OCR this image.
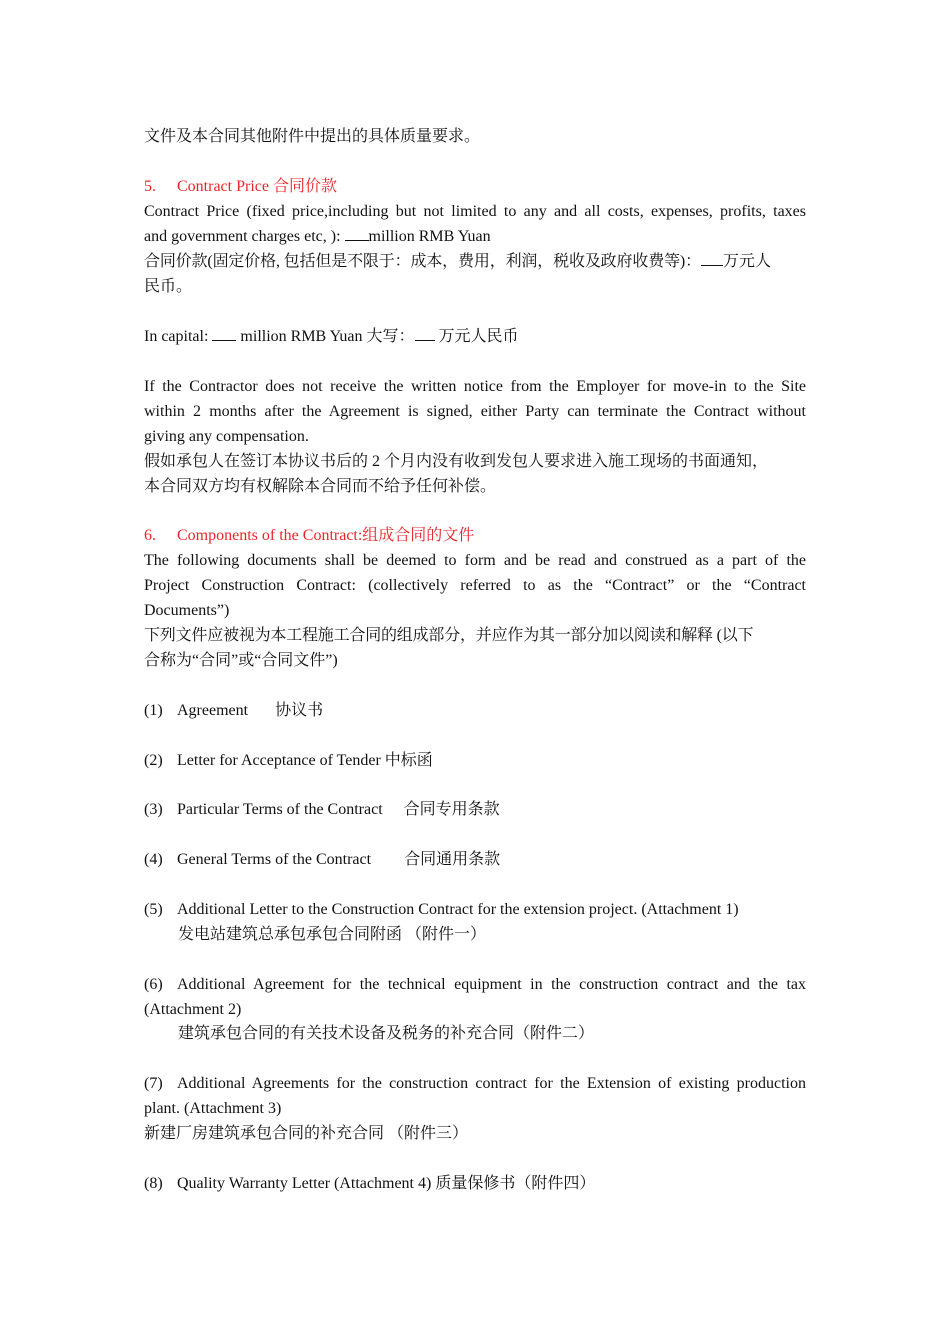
文件及本合同其他附件中提出的具体质量要求。
5. Contract Price 合同价款
Contract Price (fixed price,including but not limited to any and all costs, expenses, profits, taxes
and government charges etc, ): million RMB Yuan
合同价款(固定价格, 包括但是不限于：成本，费用，利润，税收及政府收费等)： 万元人
民币。
In capital:  million RMB Yuan 大写： 万元人民币
If the Contractor does not receive the written notice from the Employer for move-in to the Site
within 2 months after the Agreement is signed, either Party can terminate the Contract without
giving any compensation.
假如承包人在签订本协议书后的 2 个月内没有收到发包人要求进入施工现场的书面通知，
本合同双方均有权解除本合同而不给予任何补偿。
6. Components of the Contract:组成合同的文件
The following documents shall be deemed to form and be read and construed as a part of the
Project Construction Contract: (collectively referred to as the “Contract” or the “Contract
Documents”)
下列文件应被视为本工程施工合同的组成部分，并应作为其一部分加以阅读和解释 (以下
合称为“合同”或“合同文件”)
(1) Agreement 协议书
(2) Letter for Acceptance of Tender 中标函
(3) Particular Terms of the Contract 合同专用条款
(4) General Terms of the Contract 合同通用条款
(5) Additional Letter to the Construction Contract for the extension project. (Attachment 1)
发电站建筑总承包承包合同附函 （附件一）
(6) Additional Agreement for the technical equipment in the construction contract and the tax
(Attachment 2)
建筑承包合同的有关技术设备及税务的补充合同（附件二）
(7) Additional Agreements for the construction contract for the Extension of existing production
plant. (Attachment 3)
新建厂房建筑承包合同的补充合同 （附件三）
(8) Quality Warranty Letter (Attachment 4) 质量保修书（附件四）
